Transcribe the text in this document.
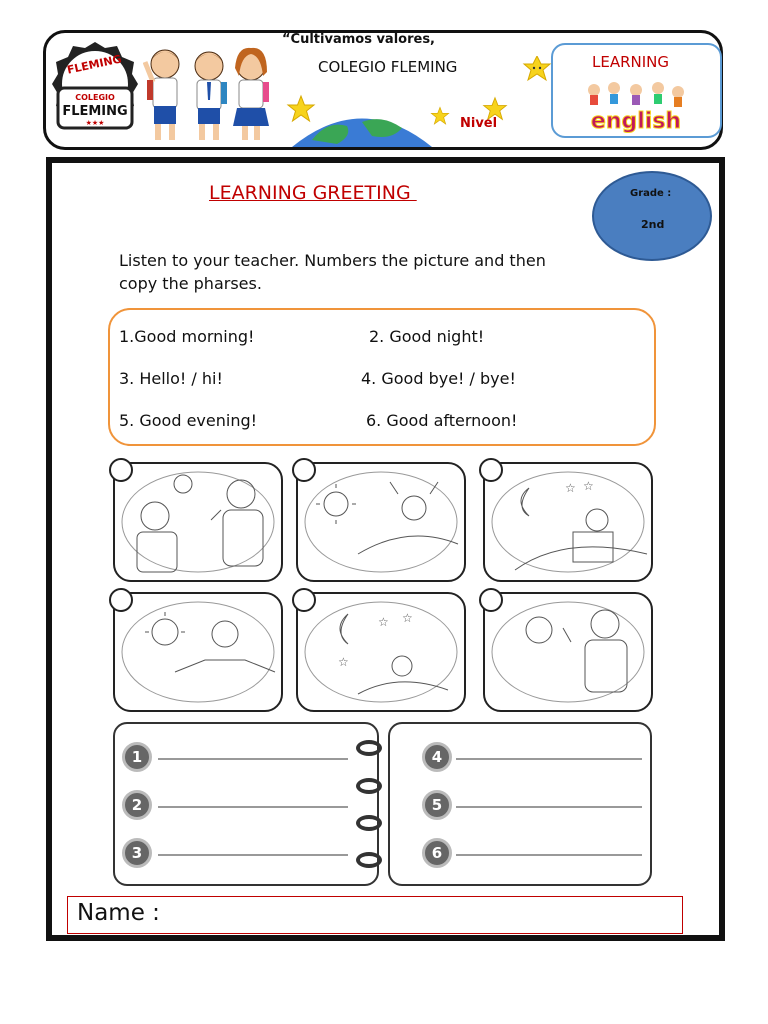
FLEMING
COLEGIO
FLEMING
★★★
“Cultivamos valores,
COLEGIO FLEMING
Nivel
LEARNING
english
LEARNING GREETING	Grade :
2nd
Listen to your teacher. Numbers the picture and then
copy the pharses.
1.Good morning!	2. Good night!
3. Hello! / hi!	4. Good bye! / bye!
5. Good evening!	6. Good afternoon!
☆ ☆
☆ ☆
☆
1
2
3
4
5
6
Name :
